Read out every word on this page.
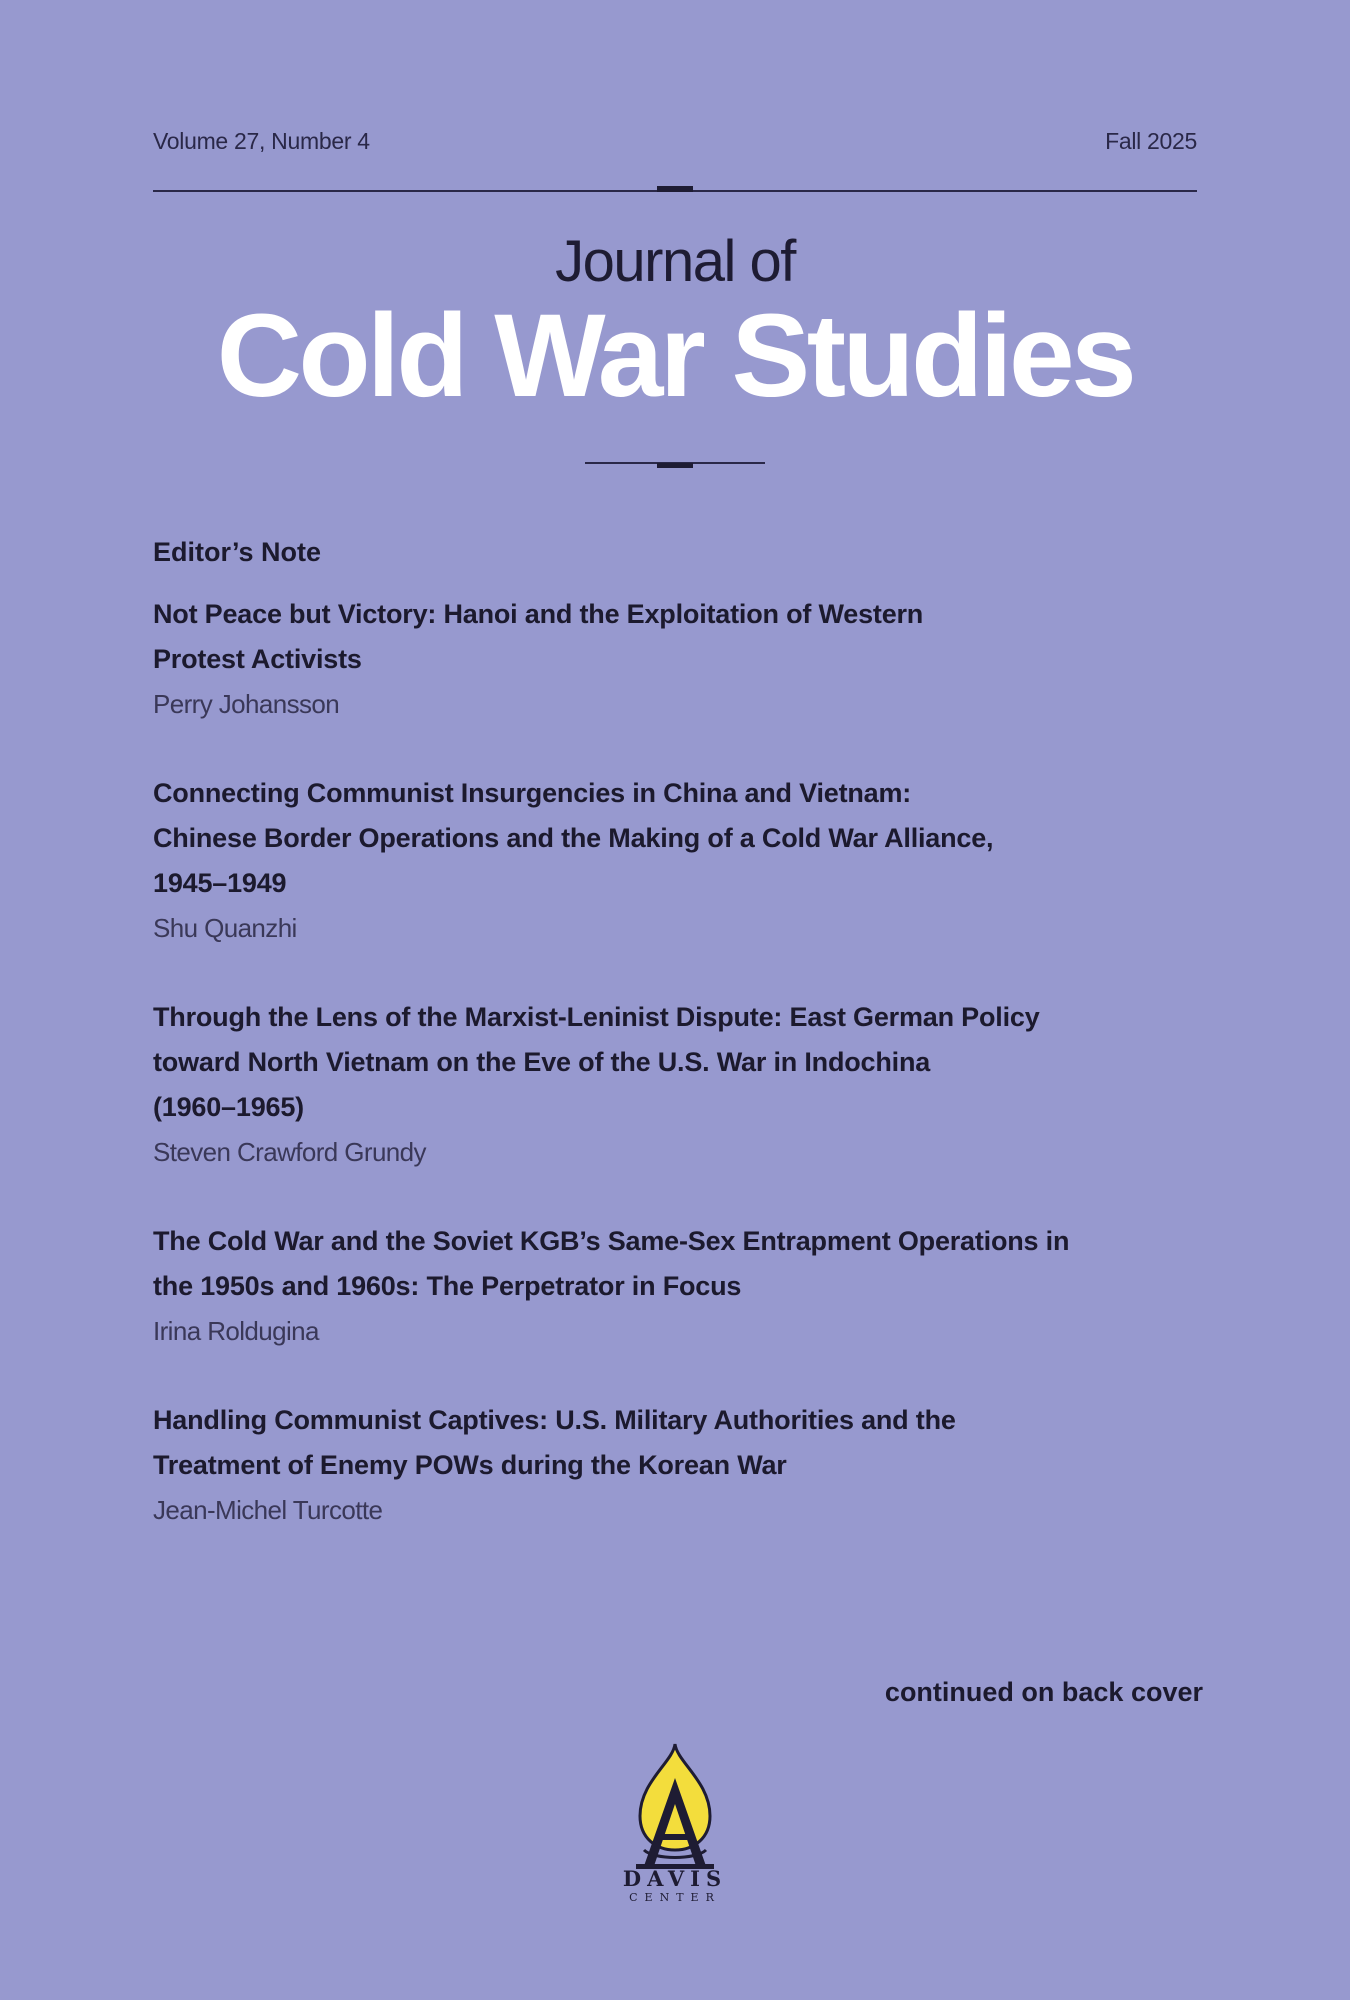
Volume 27, Number 4	Fall 2025
Journal of
Cold War Studies

Editor’s Note

Not Peace but Victory: Hanoi and the Exploitation of Western

Protest Activists

Perry Johansson

Connecting Communist Insurgencies in China and Vietnam:

Chinese Border Operations and the Making of a Cold War Alliance,

1945–1949

Shu Quanzhi

Through the Lens of the Marxist-Leninist Dispute: East German Policy

toward North Vietnam on the Eve of the U.S. War in Indochina

(1960–1965)

Steven Crawford Grundy

The Cold War and the Soviet KGB’s Same-Sex Entrapment Operations in

the 1950s and 1960s: The Perpetrator in Focus

Irina Roldugina

Handling Communist Captives: U.S. Military Authorities and the

Treatment of Enemy POWs during the Korean War

Jean-Michel Turcotte

continued on back cover
DAVIS
CENTER
